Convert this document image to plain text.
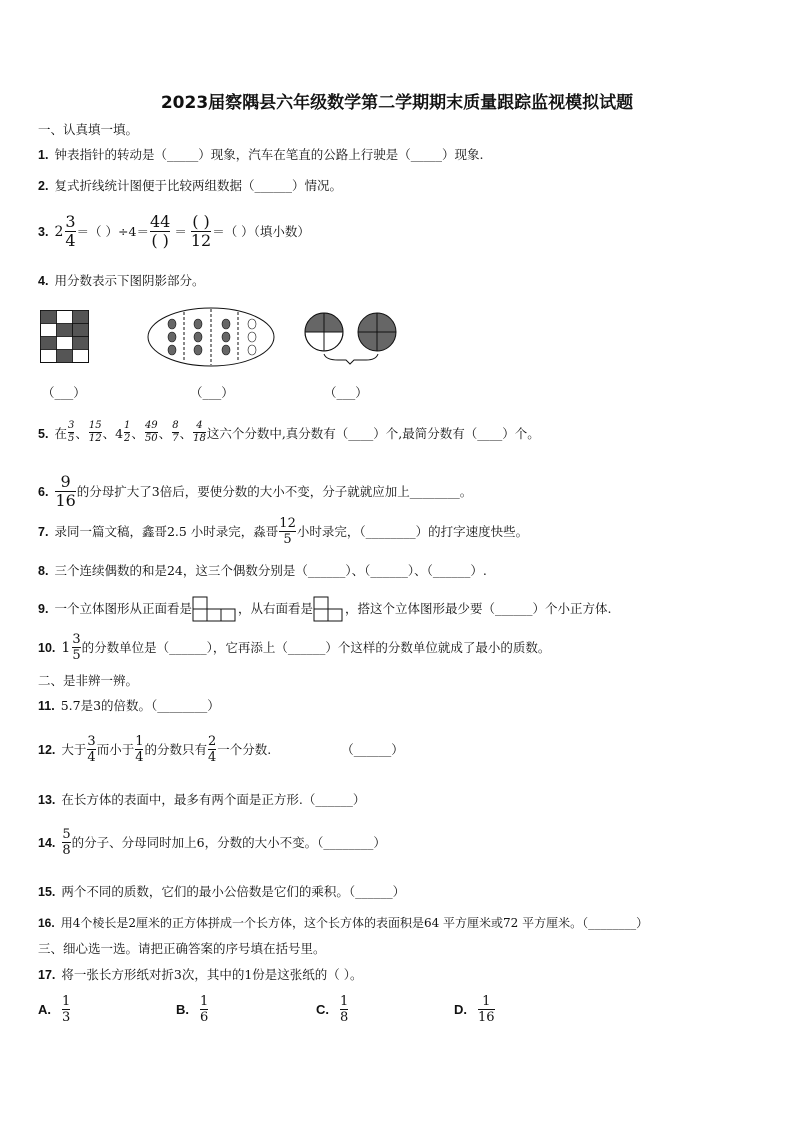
2023届察隅县六年级数学第二学期期末质量跟踪监视模拟试题
一、认真填一填。
1. 钟表指针的转动是（_____）现象，汽车在笔直的公路上行驶是（_____）现象.
2. 复式折线统计图便于比较两组数据（______）情况。
3. $2 \frac{3}{4}$ ＝（ ）$\div 4= \frac{44}{( )} = \frac{( )}{12}$ ＝（ ）（填小数）
4. 用分数表示下图阴影部分。
（___）	（___）	（___）
5. 在 $\frac{3}{5}$ 、 $\frac{15}{12}$ 、 $4 \frac{1}{2}$ 、 $\frac{49}{50}$ 、 $\frac{8}{7}$ 、 $\frac{4}{18}$ 这六个分数中,真分数有（____）个,最简分数有（____）个。
6. $\frac{9}{16}$ 的分母扩大了3倍后，要使分数的大小不变，分子就就应加上________。
7. 录同一篇文稿，鑫哥2.5 小时录完，淼哥 $\frac{12}{5}$ 小时录完，（________）的打字速度快些。
8. 三个连续偶数的和是24，这三个偶数分别是（______）、（______）、（______）.
9. 一个立体图形从正面看是	，从右面看是	，搭这个立体图形最少要（______）个小正方体.
10. $1 \frac{3}{5}$ 的分数单位是（______），它再添上（______）个这样的分数单位就成了最小的质数。
二、是非辨一辨。
11. 5.7是3的倍数。（________）
12. 大于 $\frac{3}{4}$ 而小于 $\frac{1}{4}$ 的分数只有 $\frac{2}{4}$ 一个分数.	（______）
13. 在长方体的表面中，最多有两个面是正方形.（______）
14. $\frac{5}{8}$ 的分子、分母同时加上6，分数的大小不变。（________）
15. 两个不同的质数，它们的最小公倍数是它们的乘积。（______）
16. 用4个棱长是2厘米的正方体拼成一个长方体，这个长方体的表面积是64 平方厘米或72 平方厘米。（________）
三、细心选一选。请把正确答案的序号填在括号里。
17. 将一张长方形纸对折3次，其中的1份是这张纸的（ ）。
A. $\frac{1}{3}$	B. $\frac{1}{6}$	C. $\frac{1}{8}$	D. $\frac{1}{16}$
